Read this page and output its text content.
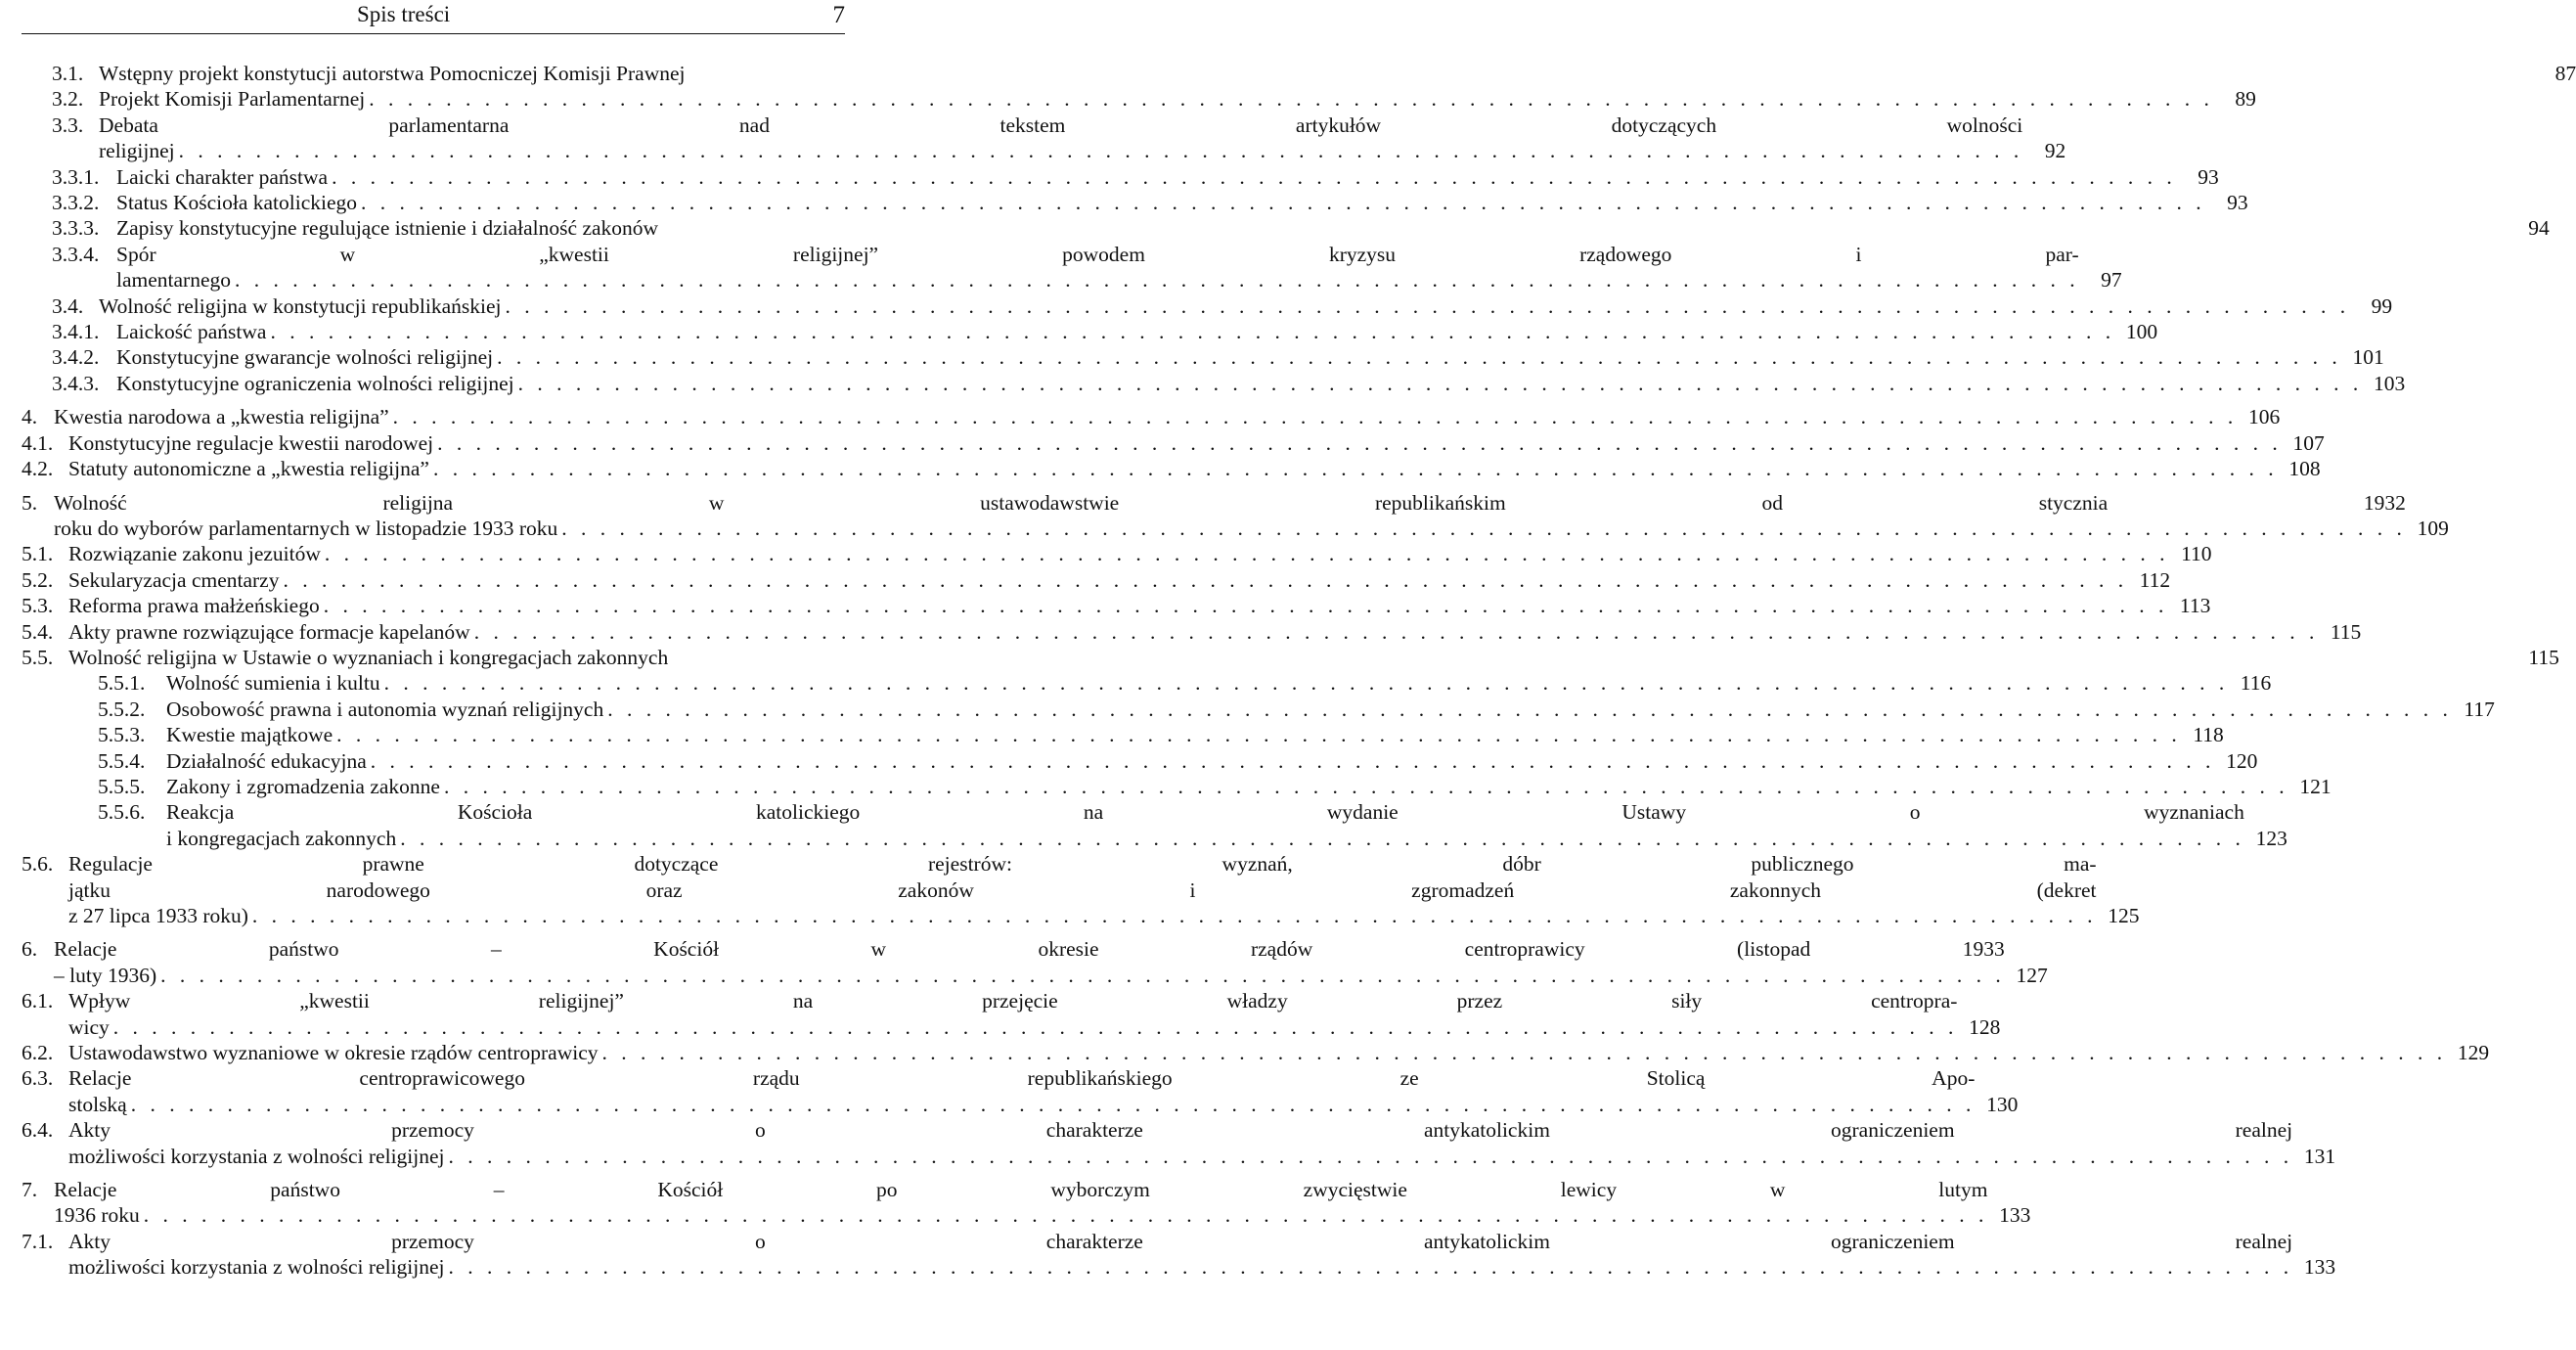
Spis treści	7
3.1. Wstępny projekt konstytucji autorstwa Pomocniczej Komisji Prawnej	87
3.2. Projekt Komisji Parlamentarnej . . .	89
3.3. Debata parlamentarna nad tekstem artykułów dotyczących wolności
religijnej . . .	92
3.3.1. Laicki charakter państwa . . .	93
3.3.2. Status Kościoła katolickiego . . .	93
3.3.3. Zapisy konstytucyjne regulujące istnienie i działalność zakonów	94
3.3.4. Spór w „kwestii religijnej” powodem kryzysu rządowego i par-
lamentarnego . . .	97
3.4. Wolność religijna w konstytucji republikańskiej . . .	99
3.4.1. Laickość państwa . . .	100
3.4.2. Konstytucyjne gwarancje wolności religijnej . . .	101
3.4.3. Konstytucyjne ograniczenia wolności religijnej . . .	103
4. Kwestia narodowa a „kwestia religijna” . . .	106
4.1. Konstytucyjne regulacje kwestii narodowej . . .	107
4.2. Statuty autonomiczne a „kwestia religijna” . . .	108
5. Wolność religijna w ustawodawstwie republikańskim od stycznia 1932
roku do wyborów parlamentarnych w listopadzie 1933 roku . . .	109
5.1. Rozwiązanie zakonu jezuitów . . .	110
5.2. Sekularyzacja cmentarzy . . .	112
5.3. Reforma prawa małżeńskiego . . .	113
5.4. Akty prawne rozwiązujące formacje kapelanów . . .	115
5.5. Wolność religijna w Ustawie o wyznaniach i kongregacjach zakonnych	115
5.5.1.	Wolność sumienia i kultu . . .	116
5.5.2.	Osobowość prawna i autonomia wyznań religijnych . . .	117
5.5.3.	Kwestie majątkowe . . .	118
5.5.4.	Działalność edukacyjna . . .	120
5.5.5.	Zakony i zgromadzenia zakonne . . .	121
5.5.6.	Reakcja Kościoła katolickiego na wydanie Ustawy o wyznaniach
i kongregacjach zakonnych . . .	123
5.6. Regulacje prawne dotyczące rejestrów: wyznań, dóbr publicznego ma-
jątku narodowego oraz zakonów i zgromadzeń zakonnych (dekret
z 27 lipca 1933 roku) . . .	125
6. Relacje państwo – Kościół w okresie rządów centroprawicy (listopad 1933
– luty 1936) . . .	127
6.1. Wpływ „kwestii religijnej” na przejęcie władzy przez siły centropra-
wicy . . .	128
6.2. Ustawodawstwo wyznaniowe w okresie rządów centroprawicy . . .	129
6.3. Relacje centroprawicowego rządu republikańskiego ze Stolicą Apo-
stolską . . .	130
6.4. Akty przemocy o charakterze antykatolickim ograniczeniem realnej
możliwości korzystania z wolności religijnej . . .	131
7. Relacje państwo – Kościół po wyborczym zwycięstwie lewicy w lutym
1936 roku . . .	133
7.1. Akty przemocy o charakterze antykatolickim ograniczeniem realnej
możliwości korzystania z wolności religijnej . . .	133
